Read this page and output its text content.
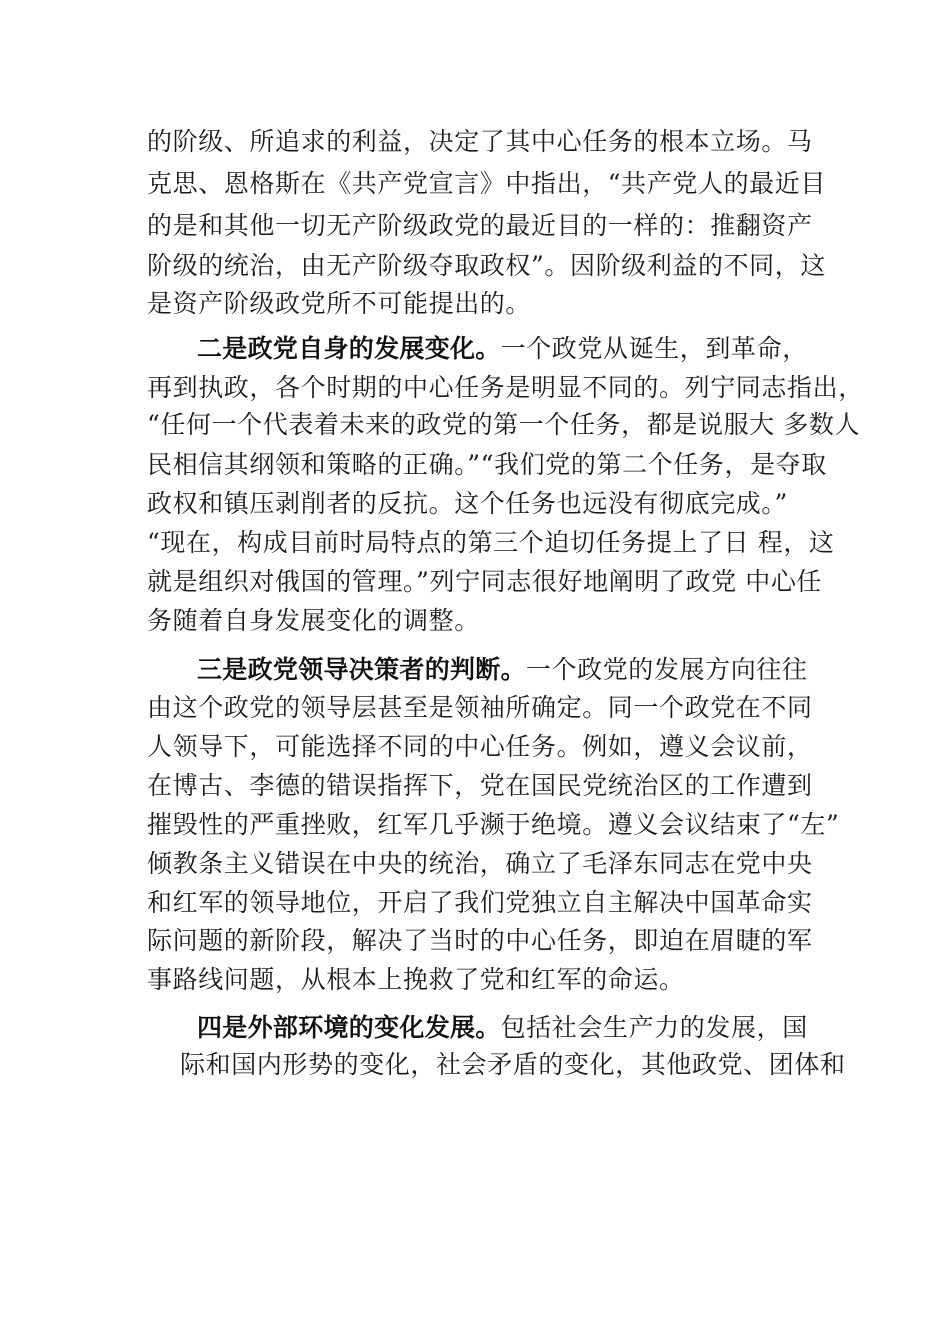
的阶级、所追求的利益，决定了其中心任务的根本立场。马
克思、恩格斯在《共产党宣言》中指出，“共产党人的最近目
的是和其他一切无产阶级政党的最近目的一样的：推翻资产
阶级的统治，由无产阶级夺取政权”。因阶级利益的不同，这
是资产阶级政党所不可能提出的。
二是政党自身的发展变化。一个政党从诞生，到革命，
再到执政，各个时期的中心任务是明显不同的。列宁同志指出，
“任何一个代表着未来的政党的第一个任务，都是说服大 多数人
民相信其纲领和策略的正确。”“我们党的第二个任务，是夺取
政权和镇压剥削者的反抗。这个任务也远没有彻底完成。”
“现在，构成目前时局特点的第三个迫切任务提上了日 程，这
就是组织对俄国的管理。”列宁同志很好地阐明了政党 中心任
务随着自身发展变化的调整。
三是政党领导决策者的判断。一个政党的发展方向往往
由这个政党的领导层甚至是领袖所确定。同一个政党在不同
人领导下，可能选择不同的中心任务。例如，遵义会议前，
在博古、李德的错误指挥下，党在国民党统治区的工作遭到
摧毁性的严重挫败，红军几乎濒于绝境。遵义会议结束了“左”
倾教条主义错误在中央的统治，确立了毛泽东同志在党中央
和红军的领导地位，开启了我们党独立自主解决中国革命实
际问题的新阶段，解决了当时的中心任务，即迫在眉睫的军
事路线问题，从根本上挽救了党和红军的命运。
四是外部环境的变化发展。包括社会生产力的发展，国
际和国内形势的变化，社会矛盾的变化，其他政党、团体和
